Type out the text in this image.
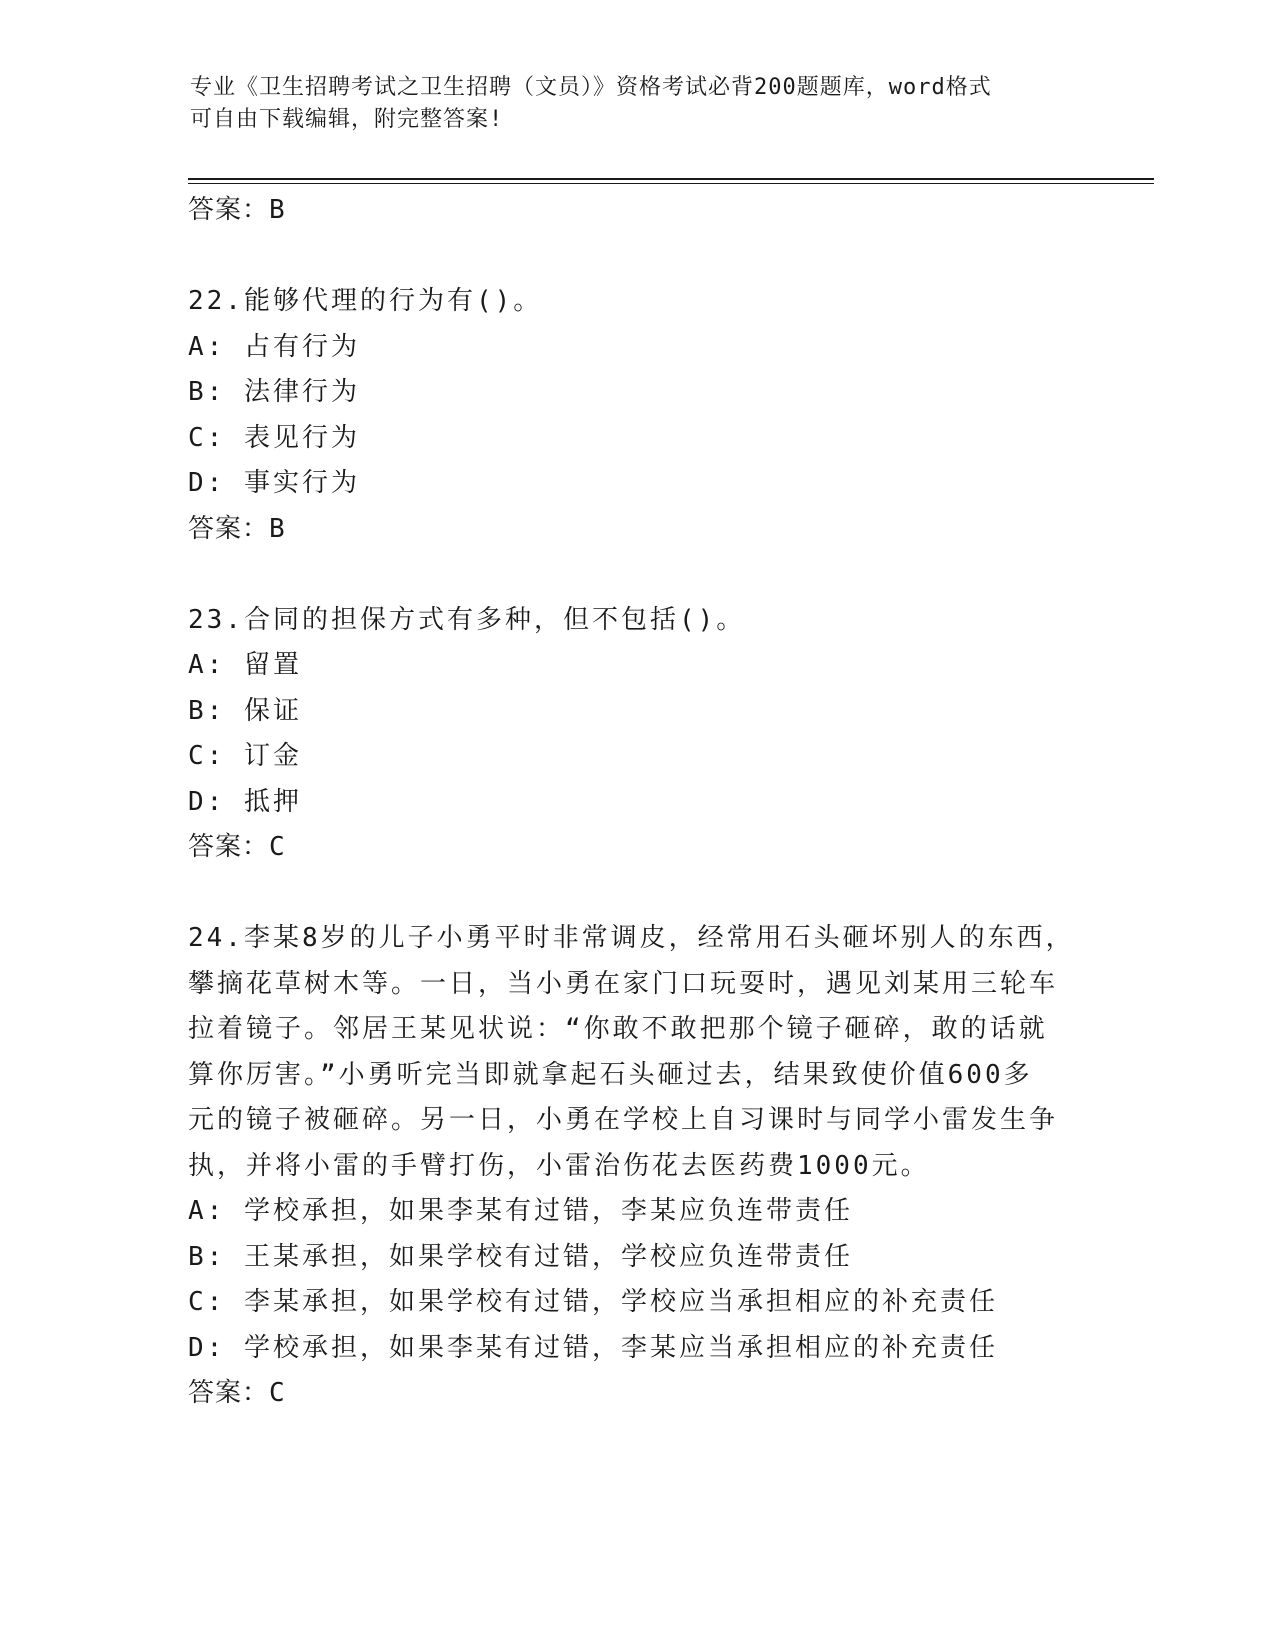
专业《卫生招聘考试之卫生招聘（文员）》资格考试必背200题题库，word格式
可自由下载编辑，附完整答案!

答案：B

22.能够代理的行为有()。

A: 占有行为

B: 法律行为

C: 表见行为

D: 事实行为

答案：B

23.合同的担保方式有多种，但不包括()。

A: 留置

B: 保证

C: 订金

D: 抵押

答案：C

24.李某8岁的儿子小勇平时非常调皮，经常用石头砸坏别人的东西，

攀摘花草树木等。一日，当小勇在家门口玩耍时，遇见刘某用三轮车

拉着镜子。邻居王某见状说：“你敢不敢把那个镜子砸碎，敢的话就

算你厉害。”小勇听完当即就拿起石头砸过去，结果致使价值600多

元的镜子被砸碎。另一日，小勇在学校上自习课时与同学小雷发生争

执，并将小雷的手臂打伤，小雷治伤花去医药费1000元。

A: 学校承担，如果李某有过错，李某应负连带责任

B: 王某承担，如果学校有过错，学校应负连带责任

C: 李某承担，如果学校有过错，学校应当承担相应的补充责任

D: 学校承担，如果李某有过错，李某应当承担相应的补充责任

答案：C
